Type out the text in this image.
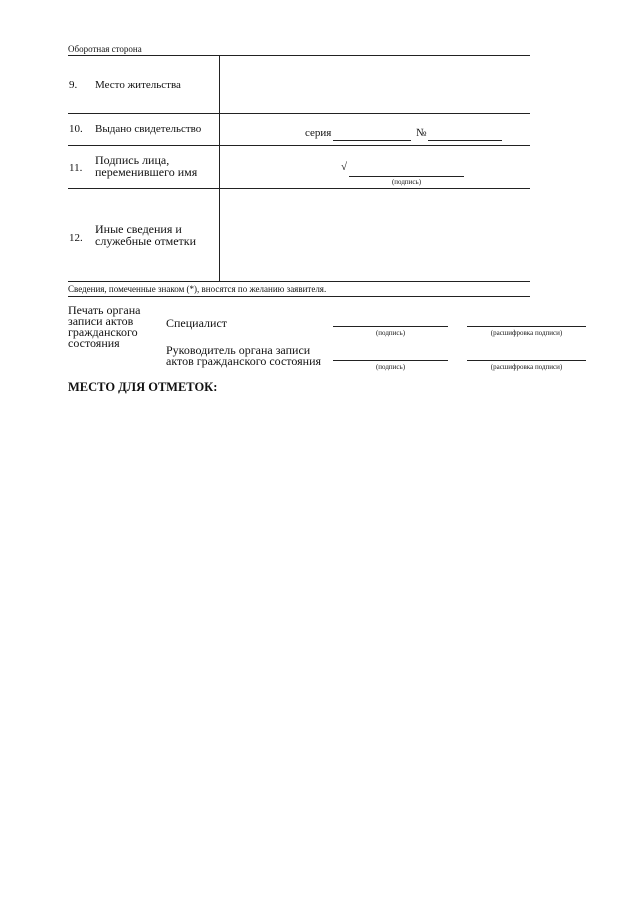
Оборотная сторона
9. Место жительства
10. Выдано свидетельство	серия	№
11.
Подпись лица,
переменившего имя	√
(подпись)
12.
Иные сведения и
служебные отметки
Сведения, помеченные знаком (*), вносятся по желанию заявителя.
Печать органа
записи актов
гражданского
состояния
Специалист
(подпись)	(расшифровка подписи)
Руководитель органа записи
актов гражданского состояния	(подпись)	(расшифровка подписи)
МЕСТО ДЛЯ ОТМЕТОК:
